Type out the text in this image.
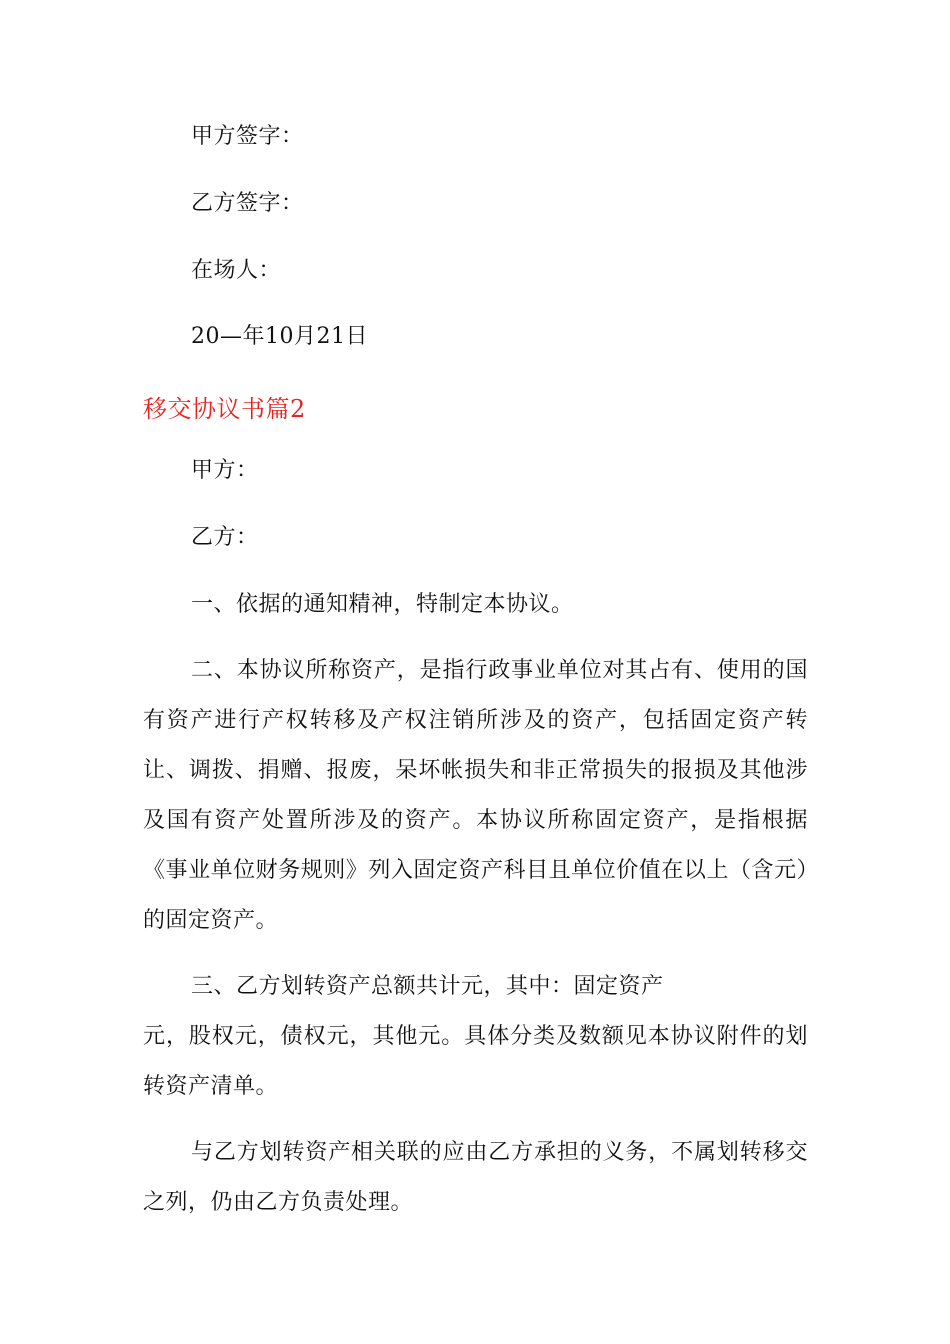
甲方签字：
乙方签字：
在场人：
20—年10月21日
移交协议书篇2
甲方：
乙方：
一、依据的通知精神，特制定本协议。

二、本协议所称资产，是指行政事业单位对其占有、使用的国有资产进行产权转移及产权注销所涉及的资产，包括固定资产转让、调拨、捐赠、报废，呆坏帐损失和非正常损失的报损及其他涉及国有资产处置所涉及的资产。本协议所称固定资产，是指根据《事业单位财务规则》列入固定资产科目且单位价值在以上（含元）的固定资产。

三、乙方划转资产总额共计元，其中：固定资产

元，股权元，债权元，其他元。具体分类及数额见本协议附件的划转资产清单。

与乙方划转资产相关联的应由乙方承担的义务，不属划转移交之列，仍由乙方负责处理。
